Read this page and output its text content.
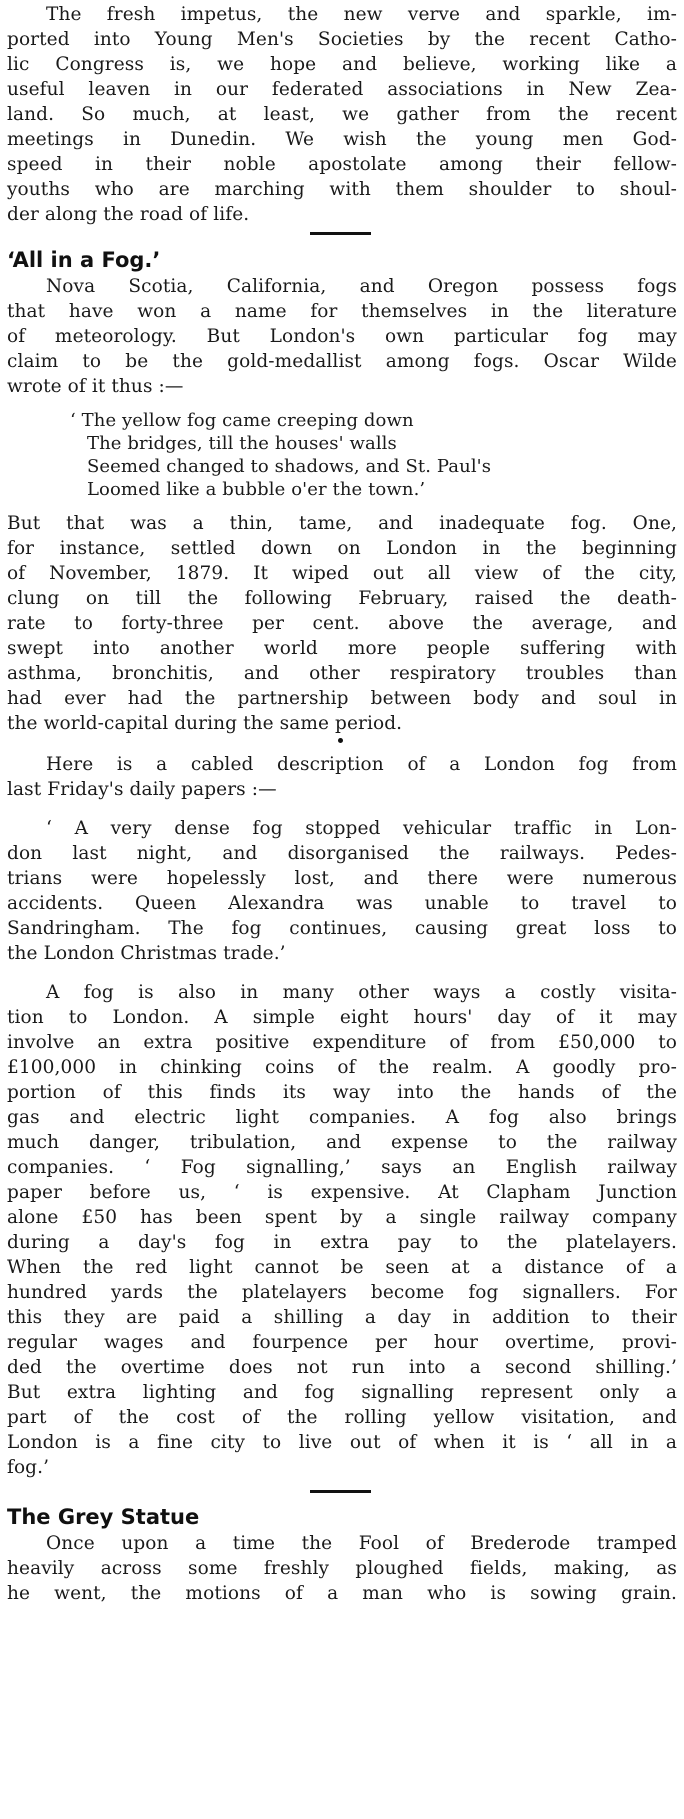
The fresh impetus, the new verve and sparkle, im-
ported into Young Men's Societies by the recent Catho-
lic Congress is, we hope and believe, working like a
useful leaven in our federated associations in New Zea-
land. So much, at least, we gather from the recent
meetings in Dunedin. We wish the young men God-
speed in their noble apostolate among their fellow-
youths who are marching with them shoulder to shoul-
der along the road of life.
‘All in a Fog.’
Nova Scotia, California, and Oregon possess fogs
that have won a name for themselves in the literature
of meteorology. But London's own particular fog may
claim to be the gold-medallist among fogs. Oscar Wilde
wrote of it thus :—
‘ The yellow fog came creeping down
The bridges, till the houses' walls
Seemed changed to shadows, and St. Paul's
Loomed like a bubble o'er the town.’
But that was a thin, tame, and inadequate fog. One,
for instance, settled down on London in the beginning
of November, 1879. It wiped out all view of the city,
clung on till the following February, raised the death-
rate to forty-three per cent. above the average, and
swept into another world more people suffering with
asthma, bronchitis, and other respiratory troubles than
had ever had the partnership between body and soul in
the world-capital during the same period.
Here is a cabled description of a London fog from
last Friday's daily papers :—
‘ A very dense fog stopped vehicular traffic in Lon-
don last night, and disorganised the railways. Pedes-
trians were hopelessly lost, and there were numerous
accidents. Queen Alexandra was unable to travel to
Sandringham. The fog continues, causing great loss to
the London Christmas trade.’
A fog is also in many other ways a costly visita-
tion to London. A simple eight hours' day of it may
involve an extra positive expenditure of from £50,000 to
£100,000 in chinking coins of the realm. A goodly pro-
portion of this finds its way into the hands of the
gas and electric light companies. A fog also brings
much danger, tribulation, and expense to the railway
companies. ‘ Fog signalling,’ says an English railway
paper before us, ‘ is expensive. At Clapham Junction
alone £50 has been spent by a single railway company
during a day's fog in extra pay to the platelayers.
When the red light cannot be seen at a distance of a
hundred yards the platelayers become fog signallers. For
this they are paid a shilling a day in addition to their
regular wages and fourpence per hour overtime, provi-
ded the overtime does not run into a second shilling.’
But extra lighting and fog signalling represent only a
part of the cost of the rolling yellow visitation, and
London is a fine city to live out of when it is ‘ all in a
fog.’
The Grey Statue
Once upon a time the Fool of Brederode tramped
heavily across some freshly ploughed fields, making, as
he went, the motions of a man who is sowing grain.
